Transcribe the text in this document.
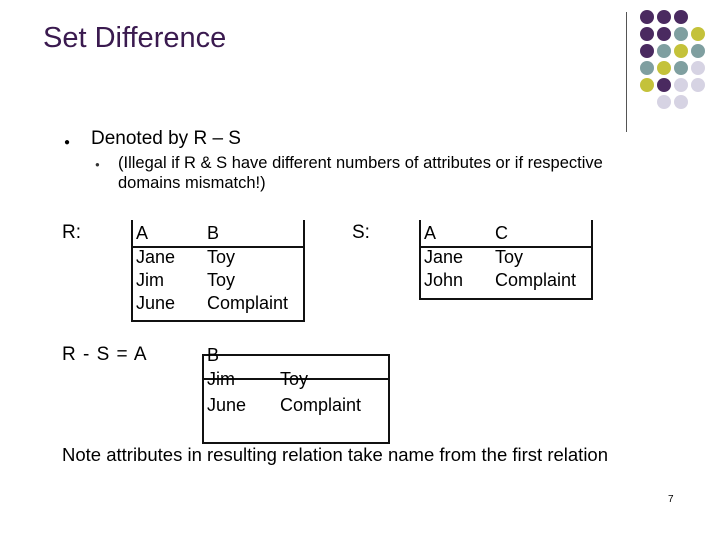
Set Difference
● Denoted by R – S
● (Illegal if R & S have different numbers of attributes or if respective domains mismatch!)
R:	A	B
Jane Toy
Jim Toy
June Complaint
S:	A	C
Jane Toy
John Complaint
R - S = A	B
Jim	Toy
June Complaint
Note attributes in resulting relation take name from the first relation
7
